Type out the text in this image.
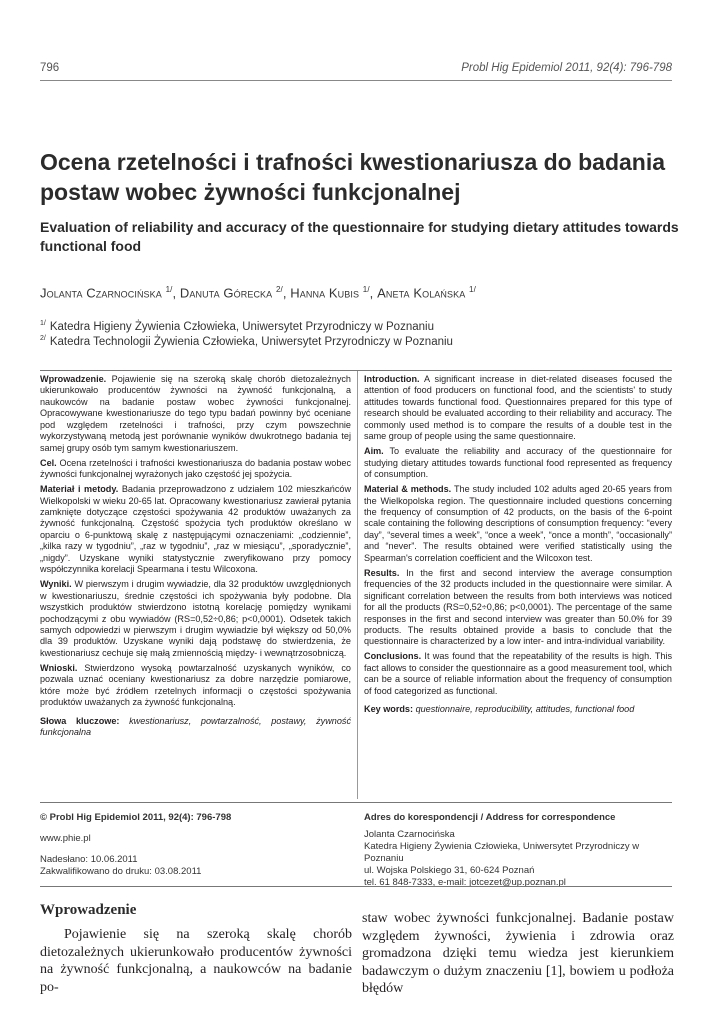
796	Probl Hig Epidemiol 2011, 92(4): 796-798
Ocena rzetelności i trafności kwestionariusza do badania postaw wobec żywności funkcjonalnej
Evaluation of reliability and accuracy of the questionnaire for studying dietary attitudes towards functional food
Jolanta Czarnocińska $^{1/}$, Danuta Górecka $^{2/}$, Hanna Kubis $^{1/}$, Aneta Kolańska $^{1/}$
$^{1/}$ Katedra Higieny Żywienia Człowieka, Uniwersytet Przyrodniczy w Poznaniu
$^{2/}$ Katedra Technologii Żywienia Człowieka, Uniwersytet Przyrodniczy w Poznaniu

Wprowadzenie. Pojawienie się na szeroką skalę chorób dietozależnych ukierunkowało producentów żywności na żywność funkcjonalną, a naukowców na badanie postaw wobec żywności funkcjonalnej. Opracowywane kwestionariusze do tego typu badań powinny być oceniane pod względem rzetelności i trafności, przy czym powszechnie wykorzystywaną metodą jest porównanie wyników dwukrotnego badania tej samej grupy osób tym samym kwestionariuszem.

Cel. Ocena rzetelności i trafności kwestionariusza do badania postaw wobec żywności funkcjonalnej wyrażonych jako częstość jej spożycia.

Materiał i metody. Badania przeprowadzono z udziałem 102 mieszkańców Wielkopolski w wieku 20-65 lat. Opracowany kwestionariusz zawierał pytania zamknięte dotyczące częstości spożywania 42 produktów uważanych za żywność funkcjonalną. Częstość spożycia tych produktów określano w oparciu o 6-punktową skalę z następującymi oznaczeniami: „codziennie”, „kilka razy w tygodniu”, „raz w tygodniu”, „raz w miesiącu”, „sporadycznie”, „nigdy”. Uzyskane wyniki statystycznie zweryfikowano przy pomocy współczynnika korelacji Spearmana i testu Wilcoxona.

Wyniki. W pierwszym i drugim wywiadzie, dla 32 produktów uwzględnionych w kwestionariuszu, średnie częstości ich spożywania były podobne. Dla wszystkich produktów stwierdzono istotną korelację pomiędzy wynikami pochodzącymi z obu wywiadów (RS=0,52÷0,86; p<0,0001). Odsetek takich samych odpowiedzi w pierwszym i drugim wywiadzie był większy od 50,0% dla 39 produktów. Uzyskane wyniki dają podstawę do stwierdzenia, że kwestionariusz cechuje się małą zmiennością między- i wewnątrzosobniczą.

Wnioski. Stwierdzono wysoką powtarzalność uzyskanych wyników, co pozwala uznać oceniany kwestionariusz za dobre narzędzie pomiarowe, które może być źródłem rzetelnych informacji o częstości spożywania produktów uważanych za żywność funkcjonalną.

Słowa kluczowe: kwestionariusz, powtarzalność, postawy, żywność funkcjonalna

Introduction. A significant increase in diet-related diseases focused the attention of food producers on functional food, and the scientists' to study attitudes towards functional food. Questionnaires prepared for this type of research should be evaluated according to their reliability and accuracy. The commonly used method is to compare the results of a double test in the same group of people using the same questionnaire.

Aim. To evaluate the reliability and accuracy of the questionnaire for studying dietary attitudes towards functional food represented as frequency of consumption.

Material & methods. The study included 102 adults aged 20-65 years from the Wielkopolska region. The questionnaire included questions concerning the frequency of consumption of 42 products, on the basis of the 6-point scale containing the following descriptions of consumption frequency: “every day”, “several times a week”, “once a week”, “once a month”, “occasionally” and “never”. The results obtained were verified statistically using the Spearman's correlation coefficient and the Wilcoxon test.

Results. In the first and second interview the average consumption frequencies of the 32 products included in the questionnaire were similar. A significant correlation between the results from both interviews was noticed for all the products (RS=0,52÷0,86; p<0,0001). The percentage of the same responses in the first and second interview was greater than 50.0% for 39 products. The results obtained provide a basis to conclude that the questionnaire is characterized by a low inter- and intra-individual variability.

Conclusions. It was found that the repeatability of the results is high. This fact allows to consider the questionnaire as a good measurement tool, which can be a source of reliable information about the frequency of consumption of food categorized as functional.

Key words: questionnaire, reproducibility, attitudes, functional food

© Probl Hig Epidemiol 2011, 92(4): 796-798
www.phie.pl
Nadesłano: 10.06.2011
Zakwalifikowano do druku: 03.08.2011
Adres do korespondencji / Address for correspondence
Jolanta Czarnocińska
Katedra Higieny Żywienia Człowieka, Uniwersytet Przyrodniczy w Poznaniu
ul. Wojska Polskiego 31, 60-624 Poznań
tel. 61 848-7333, e-mail: jotcezet@up.poznan.pl
Wprowadzenie

Pojawienie się na szeroką skalę chorób dietozależnych ukierunkowało producentów żywności na żywność funkcjonalną, a naukowców na badanie po-

staw wobec żywności funkcjonalnej. Badanie postaw względem żywności, żywienia i zdrowia oraz gromadzona dzięki temu wiedza jest kierunkiem badawczym o dużym znaczeniu [1], bowiem u podłoża błędów
